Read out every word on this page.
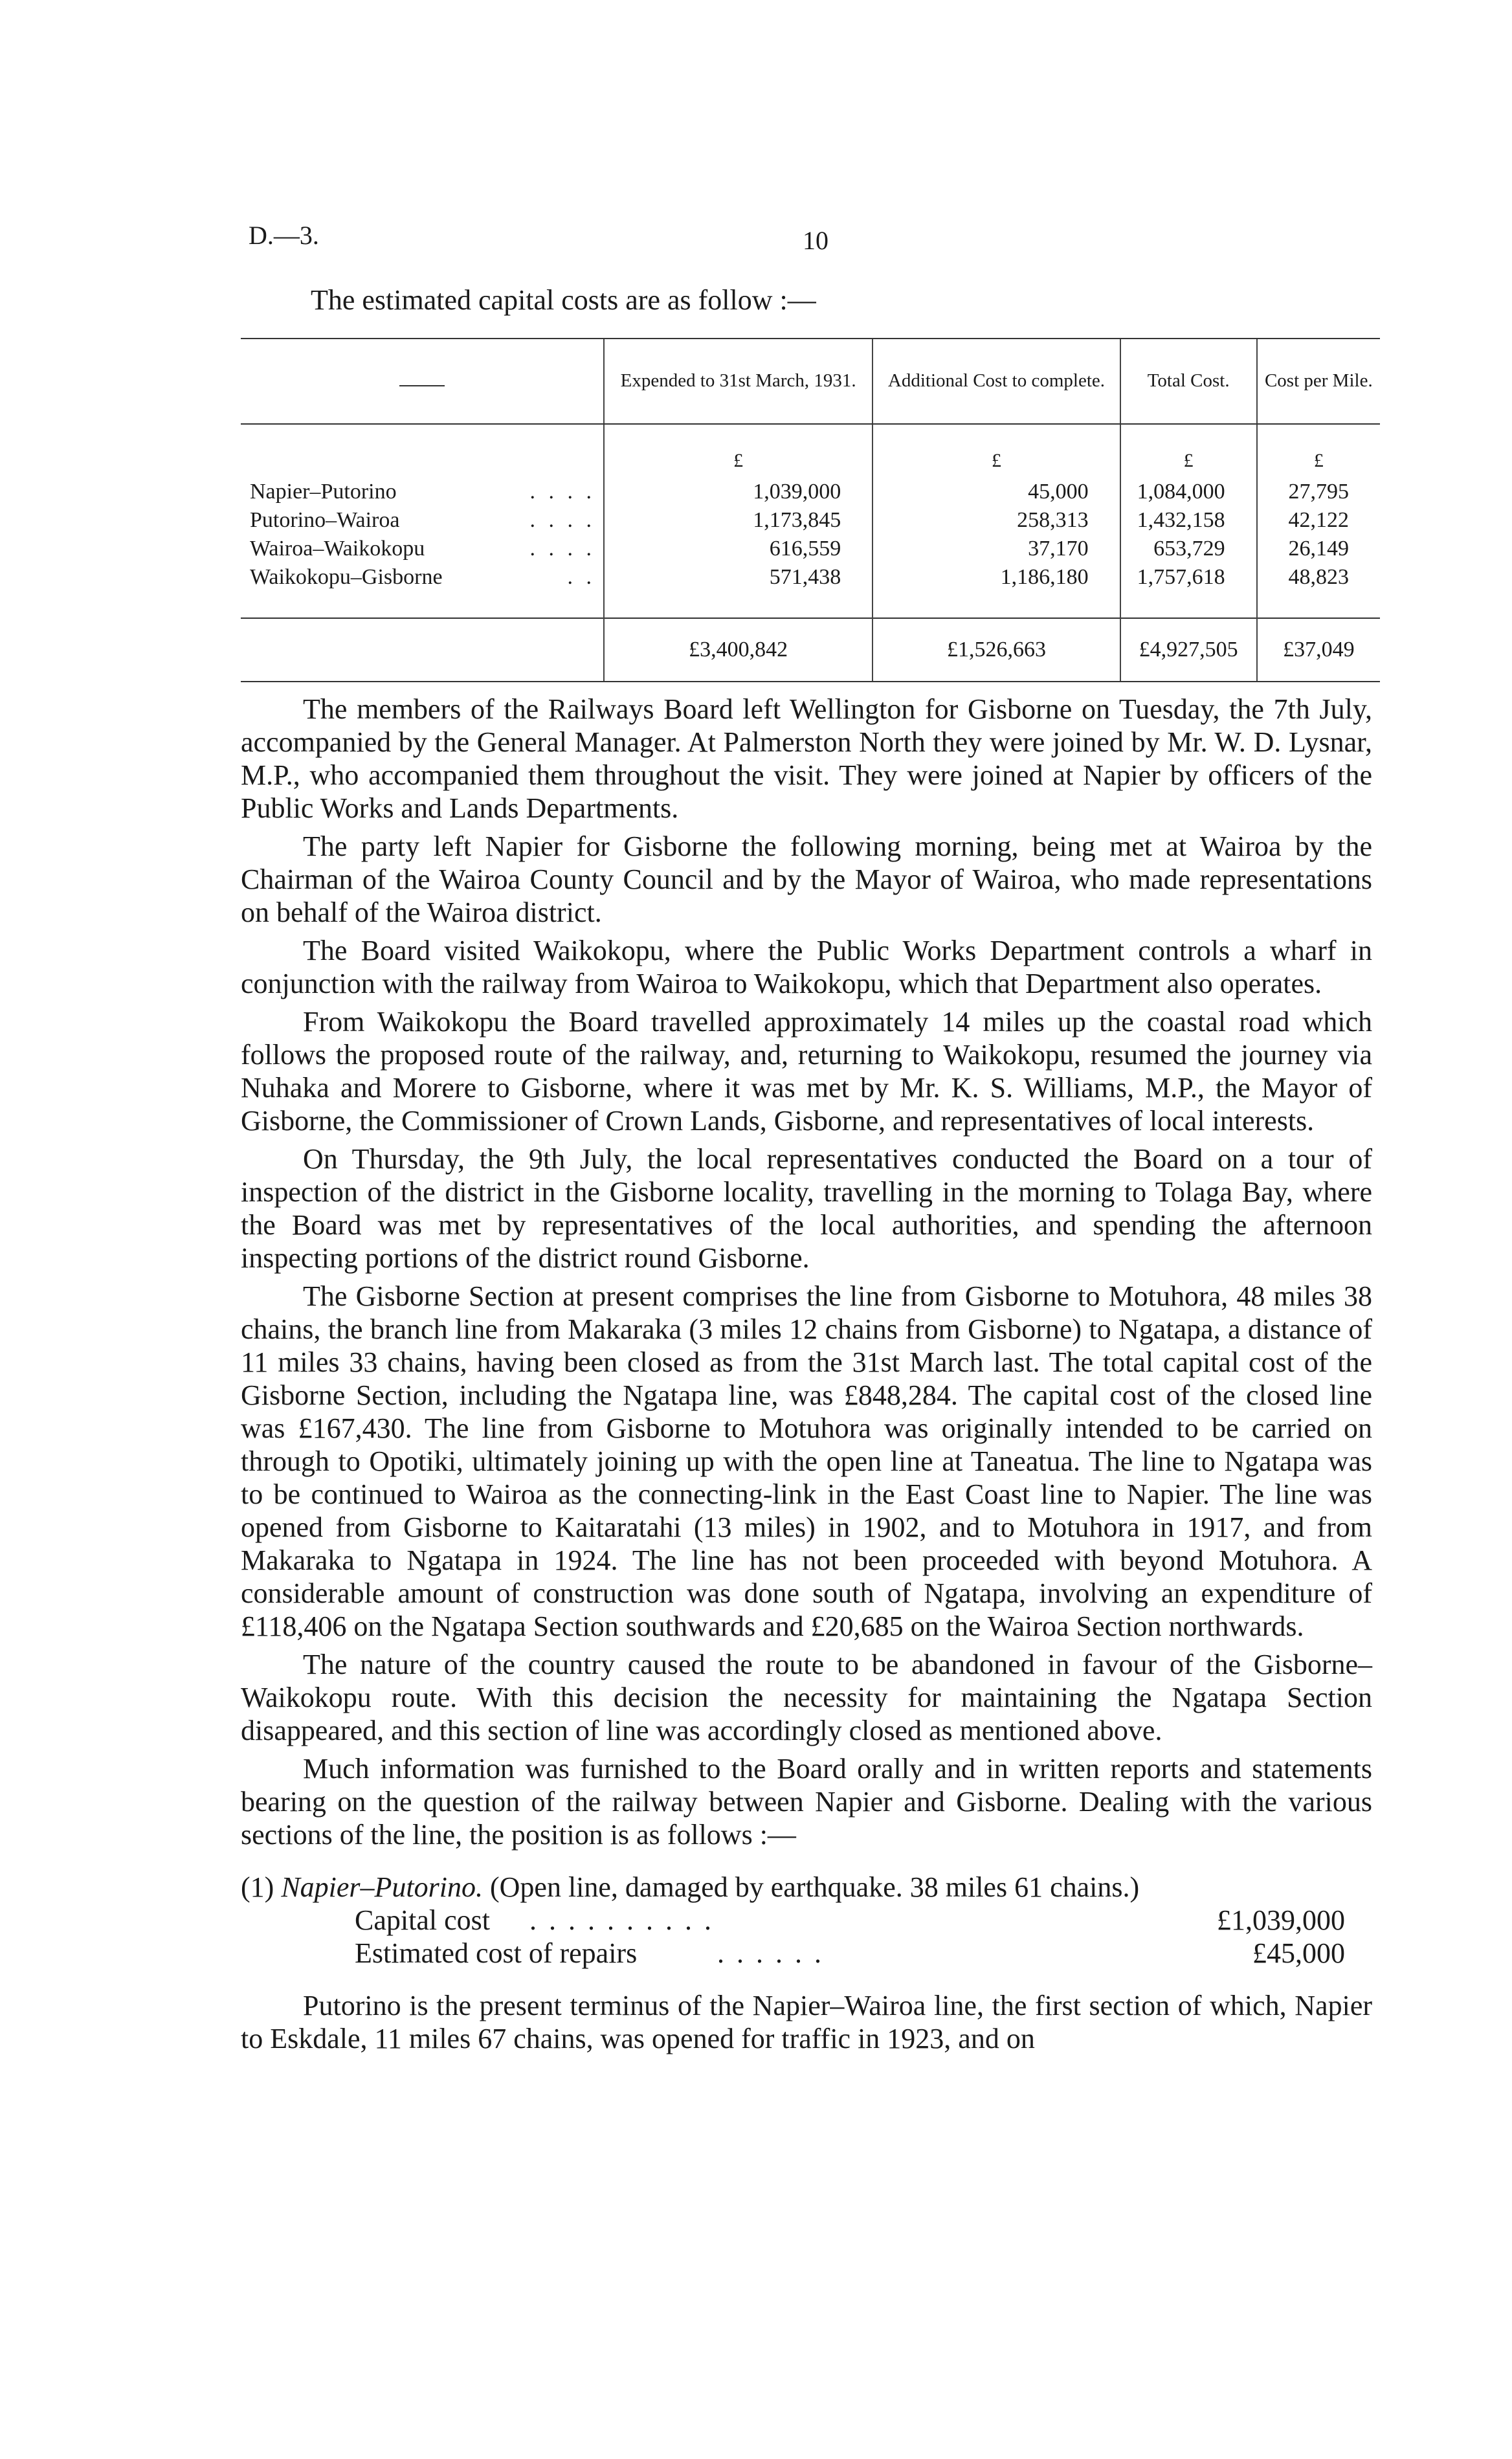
D.—3.	10
The estimated capital costs are as follow :—
	Expended to 31st March, 1931.	Additional Cost to complete.	Total Cost.	Cost per Mile.
	£	£	£	£
Napier–Putorino . . . .	1,039,000	45,000	1,084,000	27,795
Putorino–Wairoa . . . .	1,173,845	258,313	1,432,158	42,122
Wairoa–Waikokopu . . . .	616,559	37,170	653,729	26,149
Waikokopu–Gisborne . .	571,438	1,186,180	1,757,618	48,823
	£3,400,842	£1,526,663	£4,927,505	£37,049

The members of the Railways Board left Wellington for Gisborne on Tuesday, the 7th July, accompanied by the General Manager. At Palmerston North they were joined by Mr. W. D. Lysnar, M.P., who accompanied them throughout the visit. They were joined at Napier by officers of the Public Works and Lands Departments.

The party left Napier for Gisborne the following morning, being met at Wairoa by the Chairman of the Wairoa County Council and by the Mayor of Wairoa, who made representations on behalf of the Wairoa district.

The Board visited Waikokopu, where the Public Works Department controls a wharf in conjunction with the railway from Wairoa to Waikokopu, which that Department also operates.

From Waikokopu the Board travelled approximately 14 miles up the coastal road which follows the proposed route of the railway, and, returning to Waikokopu, resumed the journey via Nuhaka and Morere to Gisborne, where it was met by Mr. K. S. Williams, M.P., the Mayor of Gisborne, the Commissioner of Crown Lands, Gisborne, and representatives of local interests.

On Thursday, the 9th July, the local representatives conducted the Board on a tour of inspection of the district in the Gisborne locality, travelling in the morning to Tolaga Bay, where the Board was met by representatives of the local authorities, and spending the afternoon inspecting portions of the district round Gisborne.

The Gisborne Section at present comprises the line from Gisborne to Motuhora, 48 miles 38 chains, the branch line from Makaraka (3 miles 12 chains from Gisborne) to Ngatapa, a distance of 11 miles 33 chains, having been closed as from the 31st March last. The total capital cost of the Gisborne Section, including the Ngatapa line, was £848,284. The capital cost of the closed line was £167,430. The line from Gisborne to Motuhora was originally intended to be carried on through to Opotiki, ultimately joining up with the open line at Taneatua. The line to Ngatapa was to be continued to Wairoa as the connecting-link in the East Coast line to Napier. The line was opened from Gisborne to Kaitaratahi (13 miles) in 1902, and to Motuhora in 1917, and from Makaraka to Ngatapa in 1924. The line has not been proceeded with beyond Motuhora. A considerable amount of construction was done south of Ngatapa, involving an expenditure of £118,406 on the Ngatapa Section southwards and £20,685 on the Wairoa Section northwards.

The nature of the country caused the route to be abandoned in favour of the Gisborne–Waikokopu route. With this decision the necessity for maintaining the Ngatapa Section disappeared, and this section of line was accordingly closed as mentioned above.

Much information was furnished to the Board orally and in written reports and statements bearing on the question of the railway between Napier and Gisborne. Dealing with the various sections of the line, the position is as follows :—

(1) Napier–Putorino. (Open line, damaged by earthquake. 38 miles 61 chains.)
Capital cost . . . . . . . . . .	£1,039,000
Estimated cost of repairs	. . . . . .	£45,000

Putorino is the present terminus of the Napier–Wairoa line, the first section of which, Napier to Eskdale, 11 miles 67 chains, was opened for traffic in 1923, and on
